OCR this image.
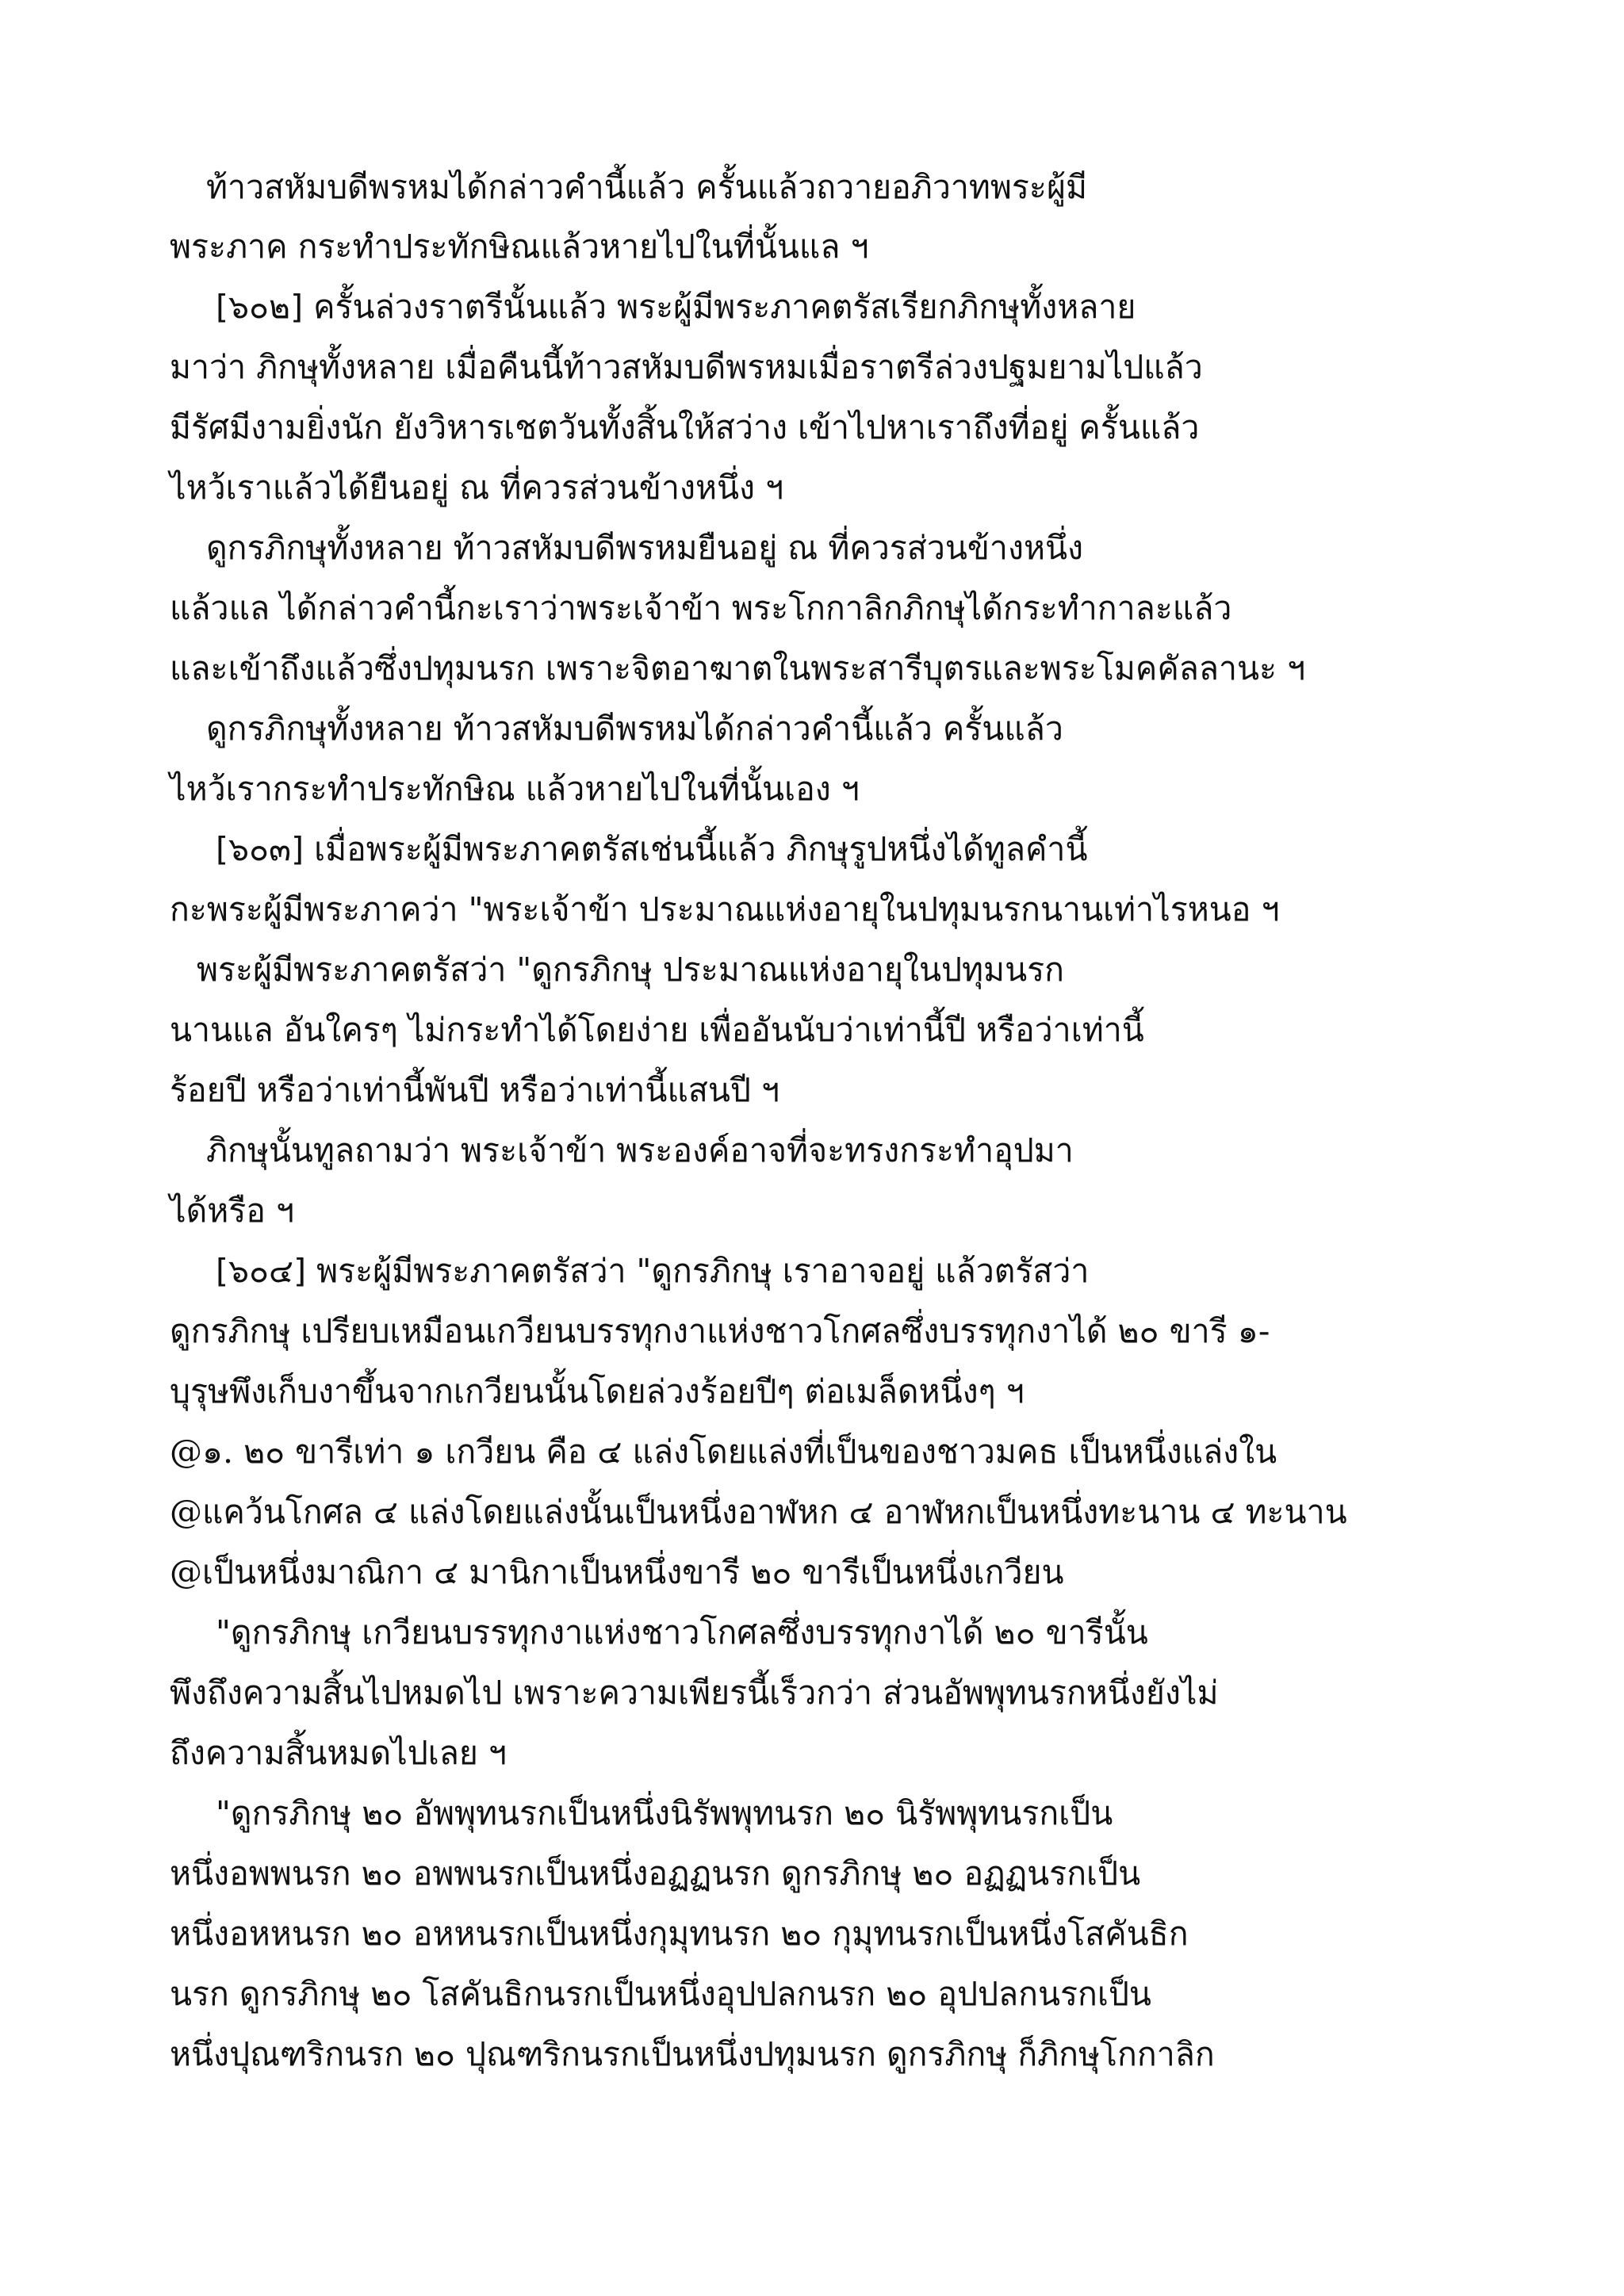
ท้าวสหัมบดีพรหมได้กล่าวคำนี้แล้ว ครั้นแล้วถวายอภิวาทพระผู้มี
พระภาค กระทำประทักษิณแล้วหายไปในที่นั้นแล ฯ
[๖๐๒] ครั้นล่วงราตรีนั้นแล้ว พระผู้มีพระภาคตรัสเรียกภิกษุทั้งหลาย
มาว่า ภิกษุทั้งหลาย เมื่อคืนนี้ท้าวสหัมบดีพรหมเมื่อราตรีล่วงปฐมยามไปแล้ว
มีรัศมีงามยิ่งนัก ยังวิหารเชตวันทั้งสิ้นให้สว่าง เข้าไปหาเราถึงที่อยู่ ครั้นแล้ว
ไหว้เราแล้วได้ยืนอยู่ ณ ที่ควรส่วนข้างหนึ่ง ฯ
ดูกรภิกษุทั้งหลาย ท้าวสหัมบดีพรหมยืนอยู่ ณ ที่ควรส่วนข้างหนึ่ง
แล้วแล ได้กล่าวคำนี้กะเราว่าพระเจ้าข้า พระโกกาลิกภิกษุได้กระทำกาละแล้ว
และเข้าถึงแล้วซึ่งปทุมนรก เพราะจิตอาฆาตในพระสารีบุตรและพระโมคคัลลานะ ฯ
ดูกรภิกษุทั้งหลาย ท้าวสหัมบดีพรหมได้กล่าวคำนี้แล้ว ครั้นแล้ว
ไหว้เรากระทำประทักษิณ แล้วหายไปในที่นั้นเอง ฯ
[๖๐๓] เมื่อพระผู้มีพระภาคตรัสเช่นนี้แล้ว ภิกษุรูปหนึ่งได้ทูลคำนี้
กะพระผู้มีพระภาคว่า "พระเจ้าข้า ประมาณแห่งอายุในปทุมนรกนานเท่าไรหนอ ฯ
พระผู้มีพระภาคตรัสว่า "ดูกรภิกษุ ประมาณแห่งอายุในปทุมนรก
นานแล อันใครๆ ไม่กระทำได้โดยง่าย เพื่ออันนับว่าเท่านี้ปี หรือว่าเท่านี้
ร้อยปี หรือว่าเท่านี้พันปี หรือว่าเท่านี้แสนปี ฯ
ภิกษุนั้นทูลถามว่า พระเจ้าข้า พระองค์อาจที่จะทรงกระทำอุปมา
ได้หรือ ฯ
[๖๐๔] พระผู้มีพระภาคตรัสว่า "ดูกรภิกษุ เราอาจอยู่ แล้วตรัสว่า
ดูกรภิกษุ เปรียบเหมือนเกวียนบรรทุกงาแห่งชาวโกศลซึ่งบรรทุกงาได้ ๒๐ ขารี ๑-
บุรุษพึงเก็บงาขึ้นจากเกวียนนั้นโดยล่วงร้อยปีๆ ต่อเมล็ดหนึ่งๆ ฯ
@๑. ๒๐ ขารีเท่า ๑ เกวียน คือ ๔ แล่งโดยแล่งที่เป็นของชาวมคธ เป็นหนึ่งแล่งใน
@แคว้นโกศล ๔ แล่งโดยแล่งนั้นเป็นหนึ่งอาฬหก ๔ อาฬหกเป็นหนึ่งทะนาน ๔ ทะนาน
@เป็นหนึ่งมาณิกา ๔ มานิกาเป็นหนึ่งขารี ๒๐ ขารีเป็นหนึ่งเกวียน
"ดูกรภิกษุ เกวียนบรรทุกงาแห่งชาวโกศลซึ่งบรรทุกงาได้ ๒๐ ขารีนั้น
พึงถึงความสิ้นไปหมดไป เพราะความเพียรนี้เร็วกว่า ส่วนอัพพุทนรกหนึ่งยังไม่
ถึงความสิ้นหมดไปเลย ฯ
"ดูกรภิกษุ ๒๐ อัพพุทนรกเป็นหนึ่งนิรัพพุทนรก ๒๐ นิรัพพุทนรกเป็น
หนึ่งอพพนรก ๒๐ อพพนรกเป็นหนึ่งอฏฏนรก ดูกรภิกษุ ๒๐ อฏฏนรกเป็น
หนึ่งอหหนรก ๒๐ อหหนรกเป็นหนึ่งกุมุทนรก ๒๐ กุมุทนรกเป็นหนึ่งโสคันธิก
นรก ดูกรภิกษุ ๒๐ โสคันธิกนรกเป็นหนึ่งอุปปลกนรก ๒๐ อุปปลกนรกเป็น
หนึ่งปุณฑริกนรก ๒๐ ปุณฑริกนรกเป็นหนึ่งปทุมนรก ดูกรภิกษุ ก็ภิกษุโกกาลิก
